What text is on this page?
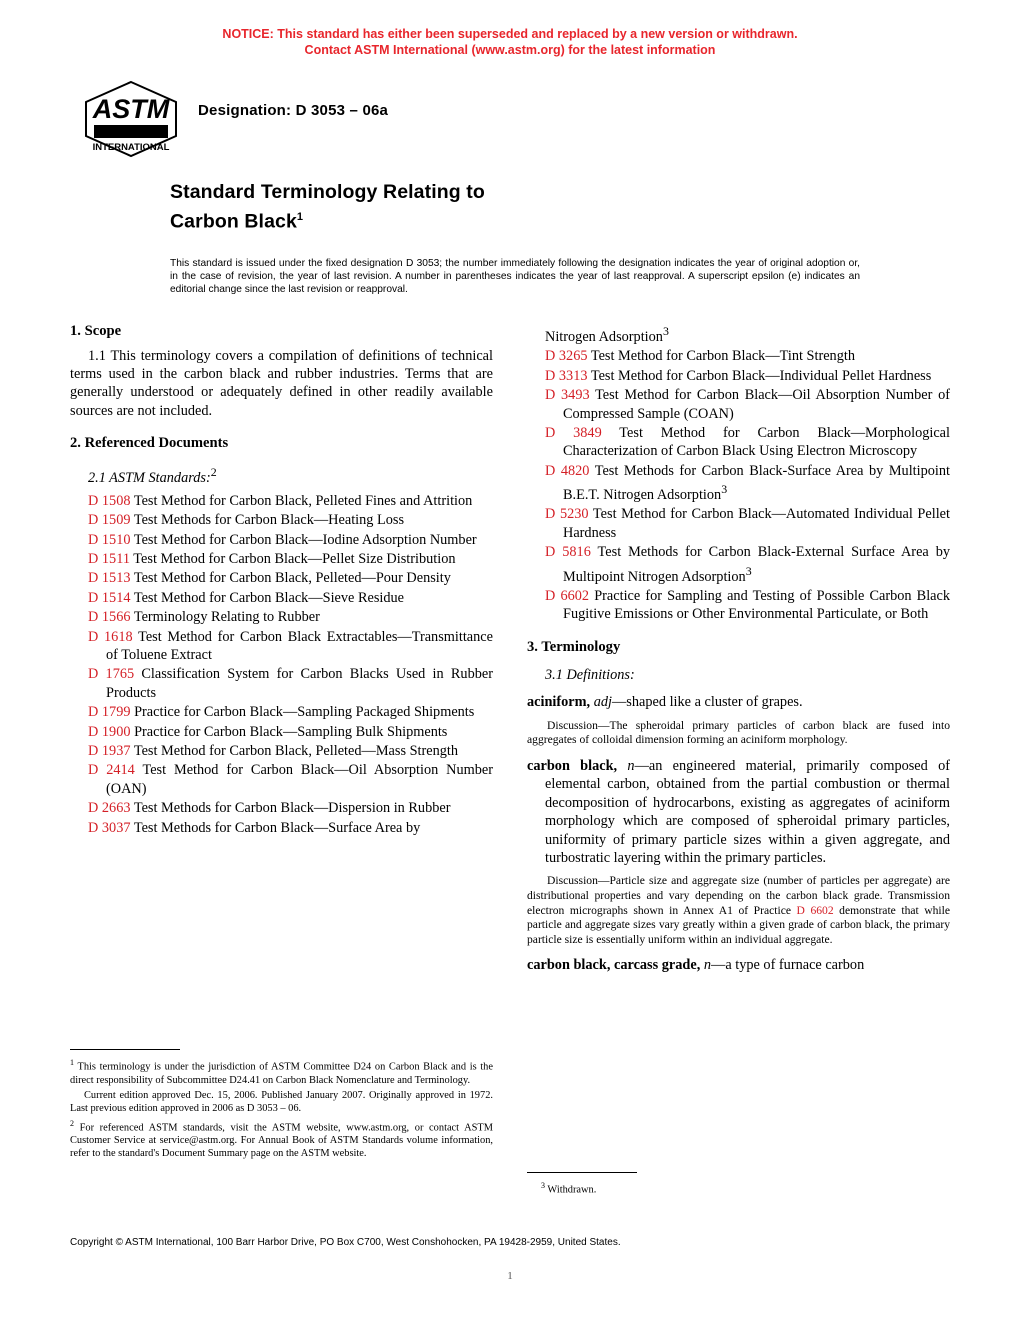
NOTICE: This standard has either been superseded and replaced by a new version or withdrawn.
Contact ASTM International (www.astm.org) for the latest information
ASTM
INTERNATIONAL
Designation: D 3053 – 06a
Standard Terminology Relating to
Carbon Black$^1$
This standard is issued under the fixed designation D 3053; the number immediately following the designation indicates the year of original adoption or, in the case of revision, the year of last revision. A number in parentheses indicates the year of last reapproval. A superscript epsilon (e) indicates an editorial change since the last revision or reapproval.
1. Scope

1.1 This terminology covers a compilation of definitions of technical terms used in the carbon black and rubber industries. Terms that are generally understood or adequately defined in other readily available sources are not included.

2. Referenced Documents
2.1 ASTM Standards:$^2$
D 1508 Test Method for Carbon Black, Pelleted Fines and Attrition
D 1509 Test Methods for Carbon Black—Heating Loss
D 1510 Test Method for Carbon Black—Iodine Adsorption Number
D 1511 Test Method for Carbon Black—Pellet Size Distribution
D 1513 Test Method for Carbon Black, Pelleted—Pour Density
D 1514 Test Method for Carbon Black—Sieve Residue
D 1566 Terminology Relating to Rubber
D 1618 Test Method for Carbon Black Extractables—Transmittance of Toluene Extract
D 1765 Classification System for Carbon Blacks Used in Rubber Products
D 1799 Practice for Carbon Black—Sampling Packaged Shipments
D 1900 Practice for Carbon Black—Sampling Bulk Shipments
D 1937 Test Method for Carbon Black, Pelleted—Mass Strength
D 2414 Test Method for Carbon Black—Oil Absorption Number (OAN)
D 2663 Test Methods for Carbon Black—Dispersion in Rubber
D 3037 Test Methods for Carbon Black—Surface Area by
Nitrogen Adsorption$^3$
D 3265 Test Method for Carbon Black—Tint Strength
D 3313 Test Method for Carbon Black—Individual Pellet Hardness
D 3493 Test Method for Carbon Black—Oil Absorption Number of Compressed Sample (COAN)
D 3849 Test Method for Carbon Black—Morphological Characterization of Carbon Black Using Electron Microscopy
D 4820 Test Methods for Carbon Black-Surface Area by Multipoint B.E.T. Nitrogen Adsorption$^3$
D 5230 Test Method for Carbon Black—Automated Individual Pellet Hardness
D 5816 Test Methods for Carbon Black-External Surface Area by Multipoint Nitrogen Adsorption$^3$
D 6602 Practice for Sampling and Testing of Possible Carbon Black Fugitive Emissions or Other Environmental Particulate, or Both
3. Terminology
3.1 Definitions:
aciniform, adj—shaped like a cluster of grapes.
Discussion—The spheroidal primary particles of carbon black are fused into aggregates of colloidal dimension forming an aciniform morphology.
carbon black, n—an engineered material, primarily composed of elemental carbon, obtained from the partial combustion or thermal decomposition of hydrocarbons, existing as aggregates of aciniform morphology which are composed of spheroidal primary particles, uniformity of primary particle sizes within a given aggregate, and turbostratic layering within the primary particles.
Discussion—Particle size and aggregate size (number of particles per aggregate) are distributional properties and vary depending on the carbon black grade. Transmission electron micrographs shown in Annex A1 of Practice D 6602 demonstrate that while particle and aggregate sizes vary greatly within a given grade of carbon black, the primary particle size is essentially uniform within an individual aggregate.
carbon black, carcass grade, n—a type of furnace carbon
$^1$ This terminology is under the jurisdiction of ASTM Committee D24 on Carbon Black and is the direct responsibility of Subcommittee D24.41 on Carbon Black Nomenclature and Terminology.
Current edition approved Dec. 15, 2006. Published January 2007. Originally approved in 1972. Last previous edition approved in 2006 as D 3053 – 06.
$^2$ For referenced ASTM standards, visit the ASTM website, www.astm.org, or contact ASTM Customer Service at service@astm.org. For Annual Book of ASTM Standards volume information, refer to the standard's Document Summary page on the ASTM website.
$^3$ Withdrawn.
Copyright © ASTM International, 100 Barr Harbor Drive, PO Box C700, West Conshohocken, PA 19428-2959, United States.
1
